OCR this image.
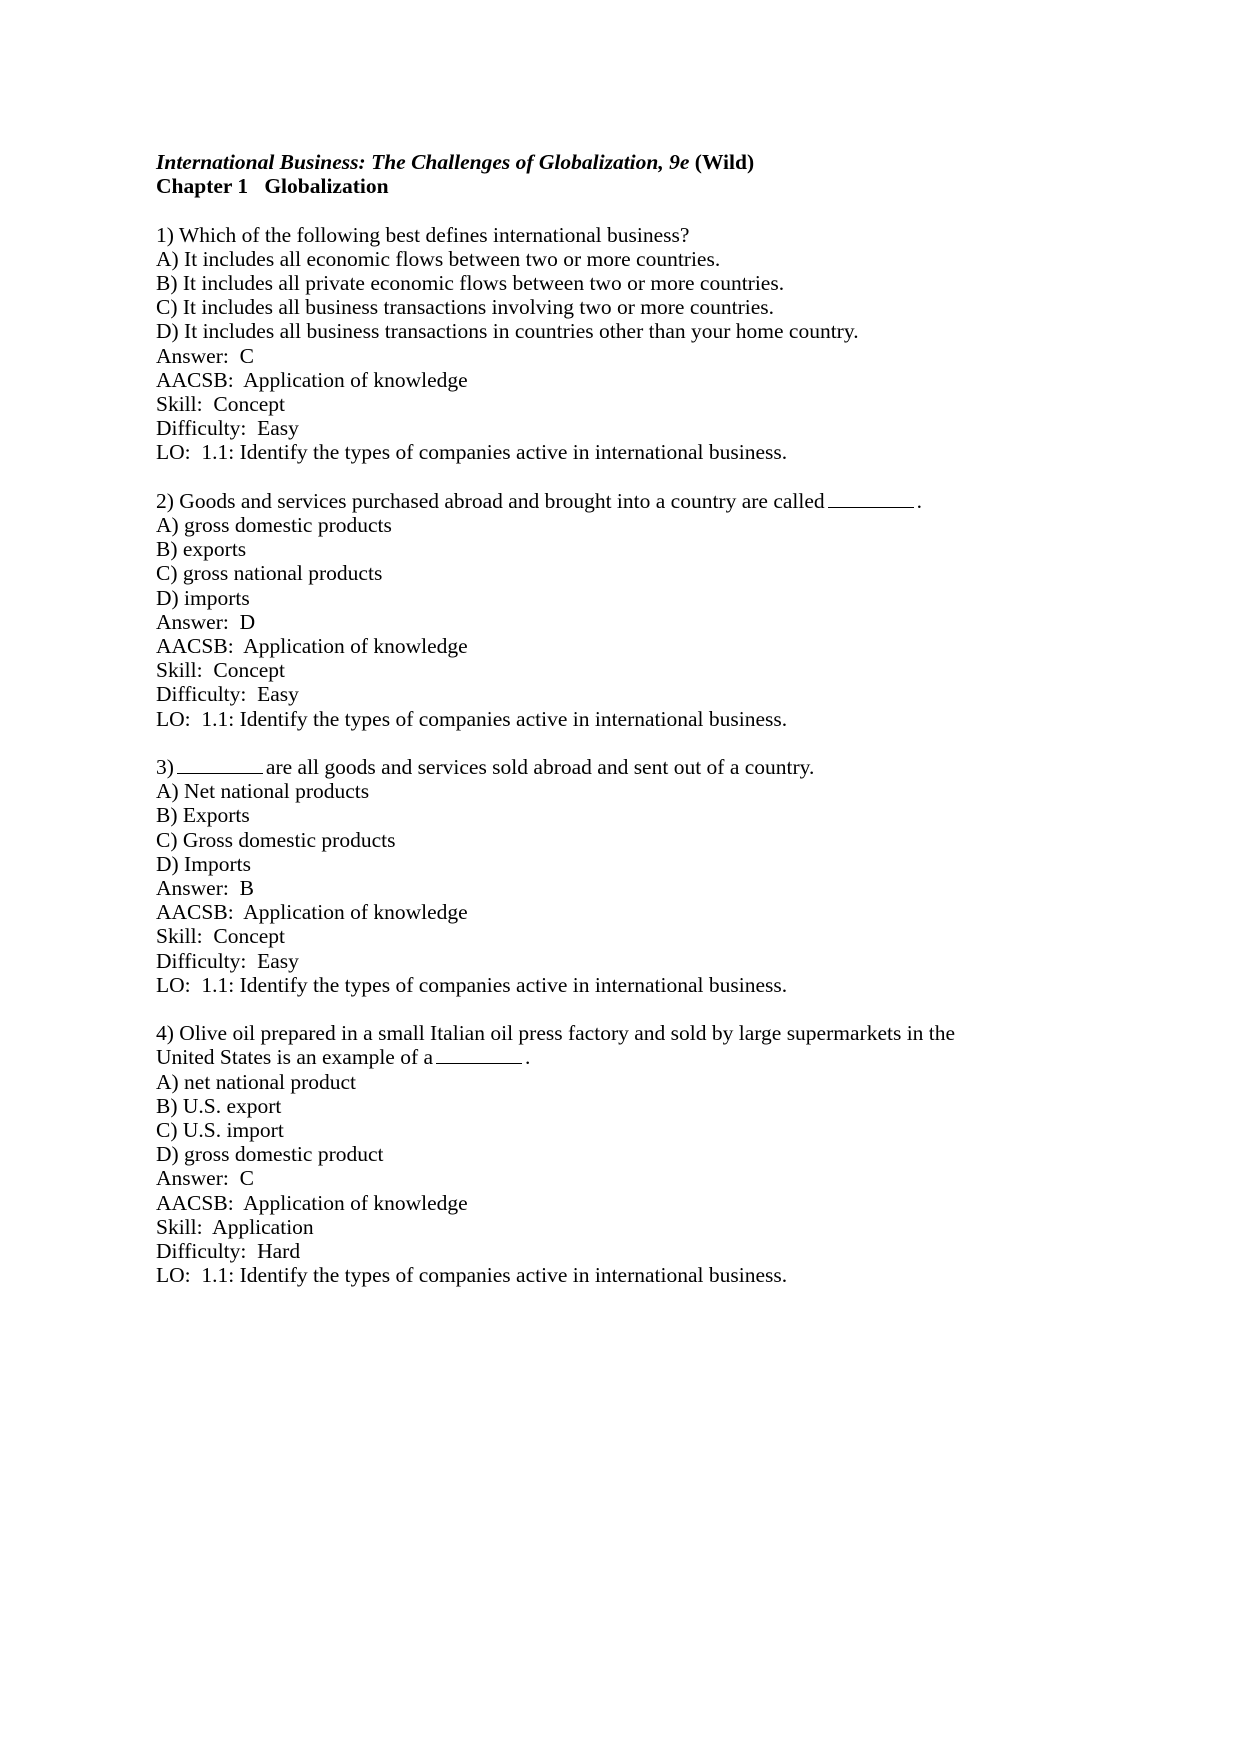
International Business: The Challenges of Globalization, 9e (Wild)
Chapter 1 Globalization
1) Which of the following best defines international business?
A) It includes all economic flows between two or more countries.
B) It includes all private economic flows between two or more countries.
C) It includes all business transactions involving two or more countries.
D) It includes all business transactions in countries other than your home country.
Answer:  C
AACSB:  Application of knowledge
Skill:  Concept
Difficulty:  Easy
LO:  1.1: Identify the types of companies active in international business.
2) Goods and services purchased abroad and brought into a country are called	.
A) gross domestic products
B) exports
C) gross national products
D) imports
Answer:  D
AACSB:  Application of knowledge
Skill:  Concept
Difficulty:  Easy
LO:  1.1: Identify the types of companies active in international business.
3)	are all goods and services sold abroad and sent out of a country.
A) Net national products
B) Exports
C) Gross domestic products
D) Imports
Answer:  B
AACSB:  Application of knowledge
Skill:  Concept
Difficulty:  Easy
LO:  1.1: Identify the types of companies active in international business.
4) Olive oil prepared in a small Italian oil press factory and sold by large supermarkets in the
United States is an example of a	.
A) net national product
B) U.S. export
C) U.S. import
D) gross domestic product
Answer:  C
AACSB:  Application of knowledge
Skill:  Application
Difficulty:  Hard
LO:  1.1: Identify the types of companies active in international business.
